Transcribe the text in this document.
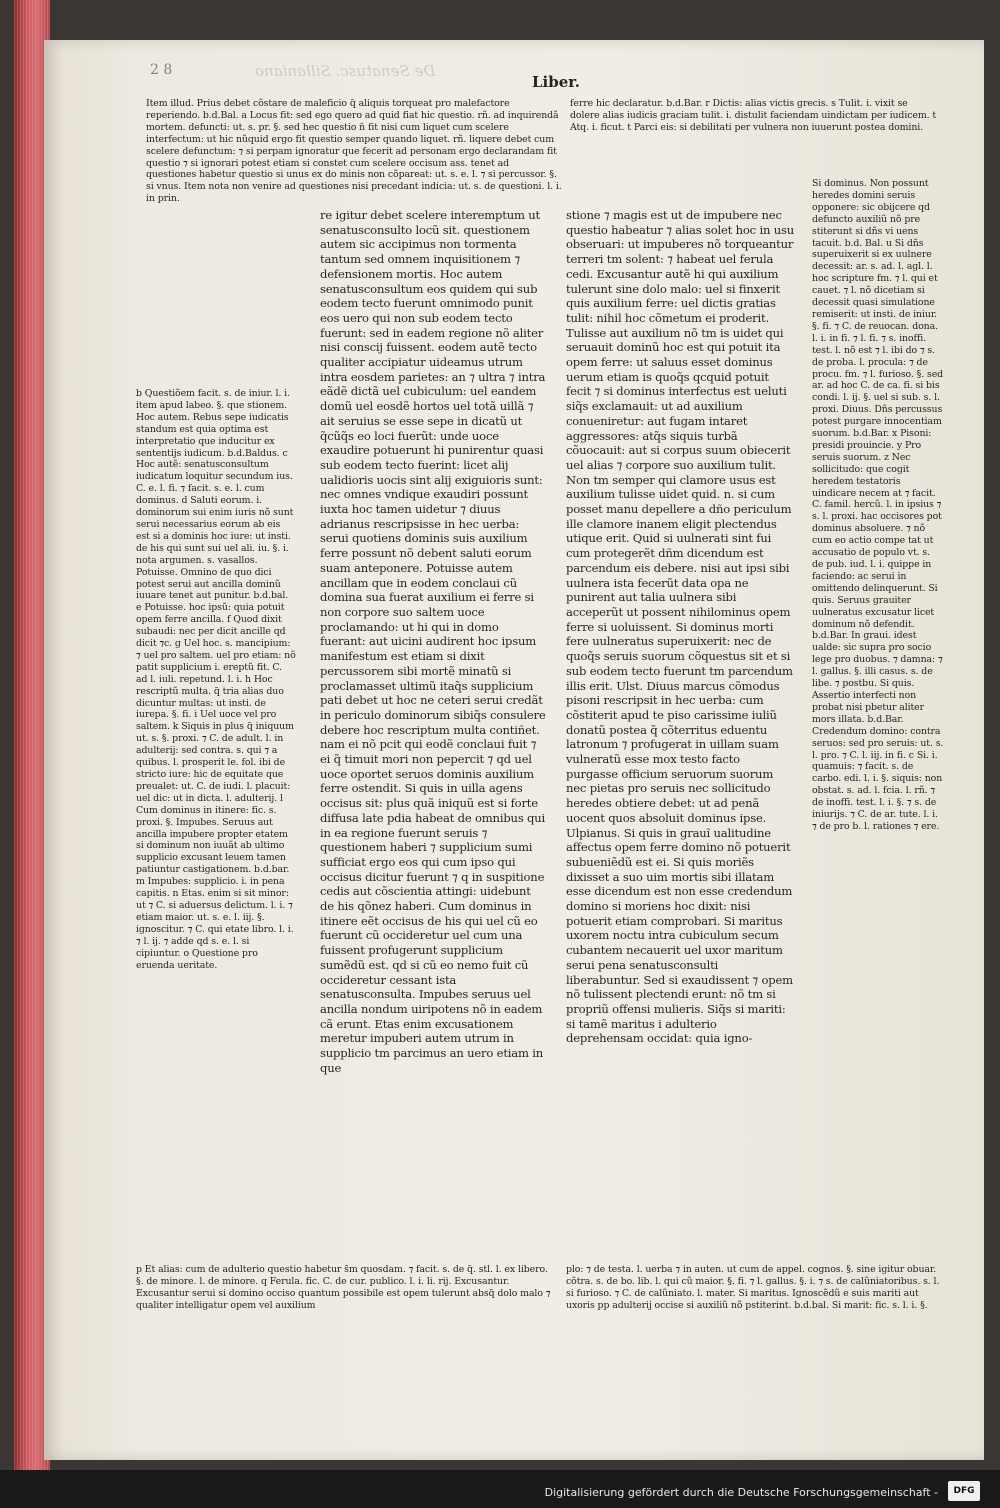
De Senatusc. Sillaniano
2 8
Liber.

Item illud. Prius debet cõstare de maleficio q̃ aliquis torqueat pro malefactore reperiendo. b.d.Bal. a Locus fit: sed ego quero ad quid fiat hic questio. rñ. ad inquirendã mortem. defuncti: ut. s. pr. §. sed hec questio n̄ fit nisi cum liquet cum scelere interfectum: ut hic nũquid ergo fit questio semper quando liquet. rñ. liquere debet cum scelere defunctum: ⁊ si perpam ignoratur que fecerit ad personam ergo declarandam fit questio ⁊ si ignorari potest etiam si constet cum scelere occisum ass. tenet ad questiones habetur questio si unus ex do minis non cõpareat: ut. s. e. l. ⁊ si percussor. §. si vnus. Item nota non venire ad questiones nisi precedant indicia: ut. s. de questioni. l. i. in prin.

ferre hic declaratur. b.d.Bar. r Dictis: alias victis grecis. s Tulit. i. vixit se dolere alias iudicis graciam tulit. i. distulit faciendam uindictam per iudicem. t Atq. i. ficut. t Parci eis: si debilitati per vulnera non iuuerunt postea domini.

b Questiõem facit. s. de iniur. l. i. item apud labeo. §. que stionem. Hoc autem. Rebus sepe iudicatis standum est quia optima est interpretatio que inducitur ex sententijs iudicum. b.d.Baldus. c Hoc autẽ: senatusconsultum iudicatum loquitur secundum ius. C. e. l. fi. ⁊ facit. s. e. l. cum dominus. d Saluti eorum. i. dominorum sui enim iuris nõ sunt serui necessarius eorum ab eis est si a dominis hoc iure: ut insti. de his qui sunt sui uel ali. iu. §. i. nota argumen. s. vasallos. Potuisse. Omnino de quo dici potest serui aut ancilla dominũ iuuare tenet aut punitur. b.d.bal. e Potuisse. hoc ipsũ: quia potuit opem ferre ancilla. f Quod dixit subaudi: nec per dicit ancille qd dicit ⁊c. g Uel hoc. s. mancipium: ⁊ uel pro saltem. uel pro etiam: nõ patit supplicium i. ereptũ fit. C. ad l. iuli. repetund. l. i. h Hoc rescriptũ multa. q̃ tria alias duo dicuntur multas: ut insti. de iurepa. §. fi. i Uel uoce vel pro saltem. k Siquis in plus q̃ iniquum ut. s. §. proxi. ⁊ C. de adult. l. in adulterij: sed contra. s. qui ⁊ a quibus. l. prosperit le. fol. ibi de stricto iure: hic de equitate que preualet: ut. C. de iudi. l. placuit: uel dic: ut in dicta. l. adulterij. l Cum dominus in itinere: fic. s. proxi. §. Impubes. Seruus aut ancilla impubere propter etatem si dominum non iuuãt ab ultimo supplicio excusant leuem tamen patiuntur castigationem. b.d.bar. m Impubes: supplicio. i. in pena capitis. n Etas. enim si sit minor: ut ⁊ C. si aduersus delictum. l. i. ⁊ etiam maior. ut. s. e. l. iij. §. ignoscitur. ⁊ C. qui etate libro. l. i. ⁊ l. ij. ⁊ adde qd s. e. l. si cipiuntur. o Questione pro eruenda ueritate.

re igitur debet scelere interemptum ut senatusconsulto locũ sit. questionem autem sic accipimus non tormenta tantum sed omnem inquisitionem ⁊ defensionem mortis. Hoc autem senatusconsultum eos quidem qui sub eodem tecto fuerunt omnimodo punit eos uero qui non sub eodem tecto fuerunt: sed in eadem regione nõ aliter nisi conscij fuissent. eodem autẽ tecto qualiter accipiatur uideamus utrum intra eosdem parietes: an ⁊ ultra ⁊ intra eãdẽ dictã uel cubiculum: uel eandem domũ uel eosdẽ hortos uel totã uillã ⁊ ait seruius se esse sepe in dicatũ ut q̃cũq̃s eo loci fuerũt: unde uoce exaudire potuerunt hi punirentur quasi sub eodem tecto fuerint: licet alij ualidioris uocis sint alij exiguioris sunt: nec omnes vndique exaudiri possunt iuxta hoc tamen uidetur ⁊ diuus adrianus rescripsisse in hec uerba: serui quotiens dominis suis auxilium ferre possunt nõ debent saluti eorum suam anteponere. Potuisse autem ancillam que in eodem conclaui cũ domina sua fuerat auxilium ei ferre si non corpore suo saltem uoce proclamando: ut hi qui in domo fuerant: aut uicini audirent hoc ipsum manifestum est etiam si dixit percussorem sibi mortẽ minatũ si proclamasset ultimũ itaq̃s supplicium pati debet ut hoc ne ceteri serui credãt in periculo dominorum sibiq̃s consulere debere hoc rescriptum multa contiñet. nam ei nõ pcit qui eodẽ conclaui fuit ⁊ ei q̃ timuit mori non pepercit ⁊ qd uel uoce oportet seruos dominis auxilium ferre ostendit. Si quis in uilla agens occisus sit: plus quã iniquũ est si forte diffusa late pdia habeat de omnibus qui in ea regione fuerunt seruis ⁊ questionem haberi ⁊ supplicium sumi sufficiat ergo eos qui cum ipso qui occisus dicitur fuerunt ⁊ q in suspitione cedis aut cõscientia attingi: uidebunt de his qõnez haberi. Cum dominus in itinere eẽt occisus de his qui uel cũ eo fuerunt cũ occideretur uel cum una fuissent profugerunt supplicium sumẽdũ est. qd si cũ eo nemo fuit cũ occideretur cessant ista senatusconsulta. Impubes seruus uel ancilla nondum uiripotens nõ in eadem cã erunt. Etas enim excusationem meretur impuberi autem utrum in supplicio tm parcimus an uero etiam in que

stione ⁊ magis est ut de impubere nec questio habeatur ⁊ alias solet hoc in usu obseruari: ut impuberes nõ torqueantur terreri tm solent: ⁊ habeat uel ferula cedi. Excusantur autẽ hi qui auxilium tulerunt sine dolo malo: uel si finxerit quis auxilium ferre: uel dictis gratias tulit: nihil hoc cõmetum ei proderit. Tulisse aut auxilium nõ tm is uidet qui seruauit dominũ hoc est qui potuit ita opem ferre: ut saluus esset dominus uerum etiam is quoq̃s qcquid potuit fecit ⁊ si dominus interfectus est ueluti siq̃s exclamauit: ut ad auxilium conueniretur: aut fugam intaret aggressores: atq̃s siquis turbã cõuocauit: aut si corpus suum obiecerit uel alias ⁊ corpore suo auxilium tulit. Non tm semper qui clamore usus est auxilium tulisse uidet quid. n. si cum posset manu depellere a dño periculum ille clamore inanem eligit plectendus utique erit. Quid si uulnerati sint fui cum protegerẽt dñm dicendum est parcendum eis debere. nisi aut ipsi sibi uulnera ista fecerũt data opa ne punirent aut talia uulnera sibi acceperũt ut possent nihilominus opem ferre si uoluissent. Si dominus morti fere uulneratus superuixerit: nec de quoq̃s seruis suorum cõquestus sit et si sub eodem tecto fuerunt tm parcendum illis erit. Ulst. Diuus marcus cõmodus pisoni rescripsit in hec uerba: cum cõstiterit apud te piso carissime iuliũ donatũ postea q̃ cõterritus eduentu latronum ⁊ profugerat in uillam suam vulneratũ esse mox testo facto purgasse officium seruorum suorum nec pietas pro seruis nec sollicitudo heredes obtiere debet: ut ad penã uocent quos absoluit dominus ipse. Ulpianus. Si quis in grauĩ ualitudine affectus opem ferre domino nõ potuerit subueniẽdũ est ei. Si quis moriẽs dixisset a suo uim mortis sibi illatam esse dicendum est non esse credendum domino si moriens hoc dixit: nisi potuerit etiam comprobari. Si maritus uxorem noctu intra cubiculum secum cubantem necauerit uel uxor maritum serui pena senatusconsulti liberabuntur. Sed si exaudissent ⁊ opem nõ tulissent plectendi erunt: nõ tm si propriũ offensi mulieris. Siq̃s si mariti: si tamẽ maritus i adulterio deprehensam occidat: quia igno-

Si dominus. Non possunt heredes domini seruis opponere: sic obijcere qd defuncto auxiliũ nõ pre stiterunt si dñs vi uens tacuit. b.d. Bal. u Si dñs superuixerit si ex uulnere decessit: ar. s. ad. l. agl. l. hoc scripture fm. ⁊ l. qui et cauet. ⁊ l. nõ dicetiam si decessit quasi simulatione remiserit: ut insti. de iniur. §. fi. ⁊ C. de reuocan. dona. l. i. in fi. ⁊ l. fi. ⁊ s. inoffi. test. l. nõ est ⁊ l. ibi do ⁊ s. de proba. l. procula: ⁊ de procu. fm. ⁊ l. furioso. §. sed ar. ad hoc C. de ca. fi. si bis condi. l. ij. §. uel si sub. s. l. proxi. Diuus. Dñs percussus potest purgare innocentiam suorum. b.d.Bar. x Pisoni: presidi prouincie. y Pro seruis suorum. z Nec sollicitudo: que cogit heredem testatoris uindicare necem at ⁊ facit. C. famil. hercũ. l. in ipsius ⁊ s. l. proxi. hac occisores pot dominus absoluere. ⁊ nõ cum eo actio compe tat ut accusatio de populo vt. s. de pub. iud. l. i. quippe in faciendo: ac serui in omittendo delinquerunt. Si quis. Seruus grauiter uulneratus excusatur licet dominum nõ defendit. b.d.Bar. In graui. idest ualde: sic supra pro socio lege pro duobus. ⁊ damna: ⁊ l. gallus. §. illi casus. s. de libe. ⁊ postbu. Si quis. Assertio interfecti non probat nisi pbetur aliter mors illata. b.d.Bar. Credendum domino: contra seruos: sed pro seruis: ut. s. l. pro. ⁊ C. l. iij. in fi. c Si. i. quamuis: ⁊ facit. s. de carbo. edi. l. i. §. siquis: non obstat. s. ad. l. fcia. l. rñ. ⁊ de inoffi. test. l. i. §. ⁊ s. de iniurijs. ⁊ C. de ar. tute. l. i. ⁊ de pro b. l. rationes ⁊ ere.

p Et alias: cum de adulterio questio habetur s̃m quosdam. ⁊ facit. s. de q̃. stl. l. ex libero. §. de minore. l. de minore. q Ferula. fic. C. de cur. publico. l. i. li. rij. Excusantur. Excusantur serui si domino occiso quantum possibile est opem tulerunt absq̃ dolo malo ⁊ qualiter intelligatur opem vel auxilium

plo: ⁊ de testa. l. uerba ⁊ in auten. ut cum de appel. cognos. §. sine igitur obuar. cõtra. s. de bo. lib. l. qui cũ maior. §. fi. ⁊ l. gallus. §. i. ⁊ s. de calũniatoribus. s. l. si furioso. ⁊ C. de calũniato. l. mater. Si maritus. Ignoscẽdũ e suis mariti aut uxoris pp adulterij occise si auxiliũ nõ pstiterint. b.d.bal. Si marit: fic. s. l. i. §.

Digitalisierung gefördert durch die Deutsche Forschungsgemeinschaft -	DFG
